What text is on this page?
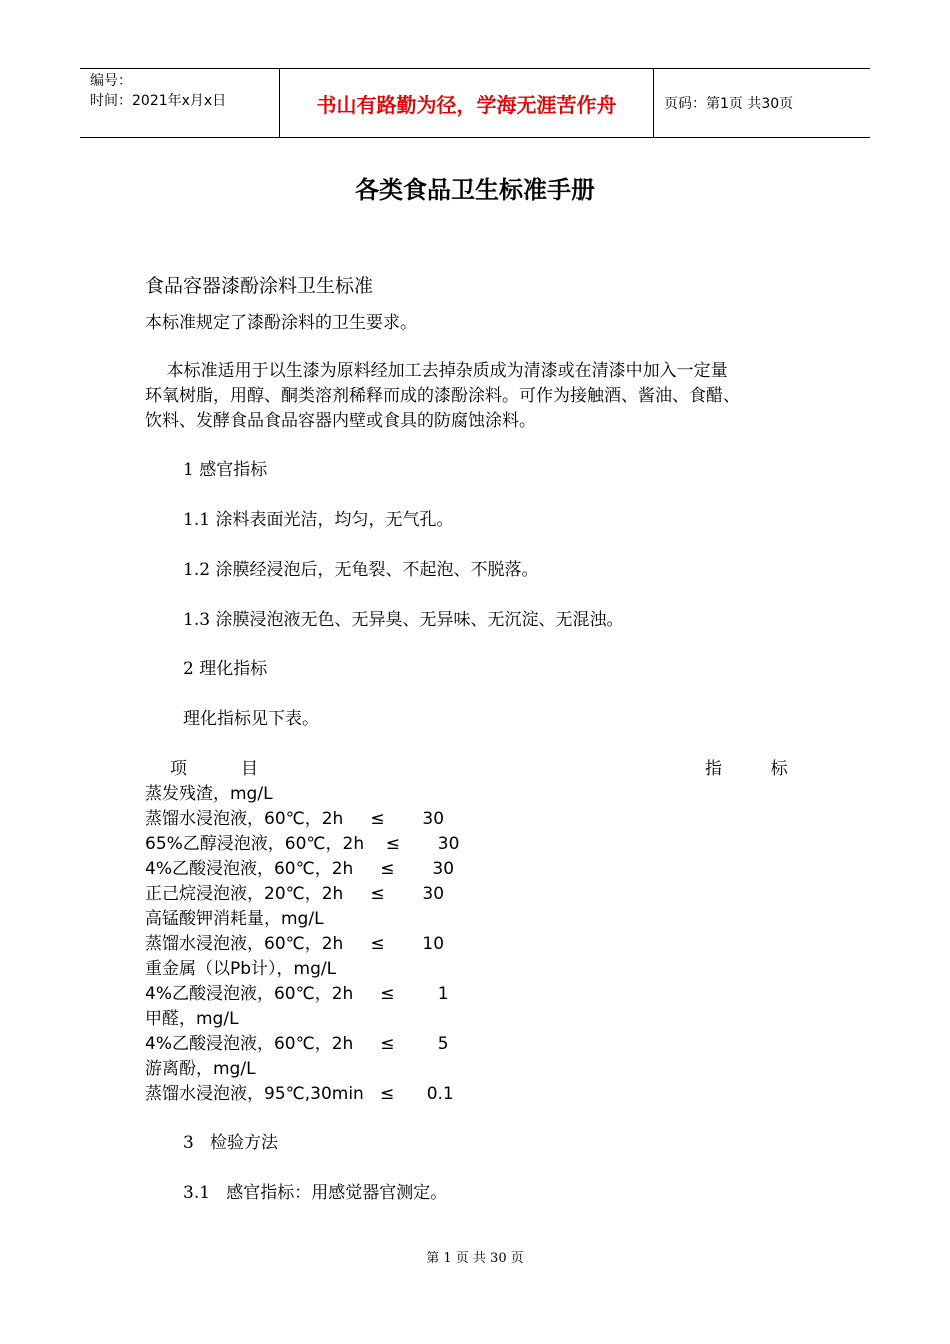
编号：
时间：2021年x月x日	书山有路勤为径，学海无涯苦作舟	页码：第1页 共30页
各类食品卫生标准手册
食品容器漆酚涂料卫生标准
本标准规定了漆酚涂料的卫生要求。
本标准适用于以生漆为原料经加工去掉杂质成为清漆或在清漆中加入一定量
环氧树脂，用醇、酮类溶剂稀释而成的漆酚涂料。可作为接触酒、酱油、食醋、
饮料、发酵食品食品容器内壁或食具的防腐蚀涂料。
1 感官指标
1.1 涂料表面光洁，均匀，无气孔。
1.2 涂膜经浸泡后，无龟裂、不起泡、不脱落。
1.3 涂膜浸泡液无色、无异臭、无异味、无沉淀、无混浊。
2 理化指标
理化指标见下表。
项          目	指         标
蒸发残渣，mg/L
蒸馏水浸泡液，60℃，2h     ≤       30
65%乙醇浸泡液，60℃，2h    ≤       30
4%乙酸浸泡液，60℃，2h     ≤       30
正己烷浸泡液，20℃，2h     ≤       30
高锰酸钾消耗量，mg/L
蒸馏水浸泡液，60℃，2h     ≤       10
重金属（以Pb计），mg/L
4%乙酸浸泡液，60℃，2h     ≤        1
甲醛，mg/L
4%乙酸浸泡液，60℃，2h     ≤        5
游离酚，mg/L
蒸馏水浸泡液，95℃,30min   ≤      0.1
3   检验方法
3.1   感官指标：用感觉器官测定。
第 1 页 共 30 页
